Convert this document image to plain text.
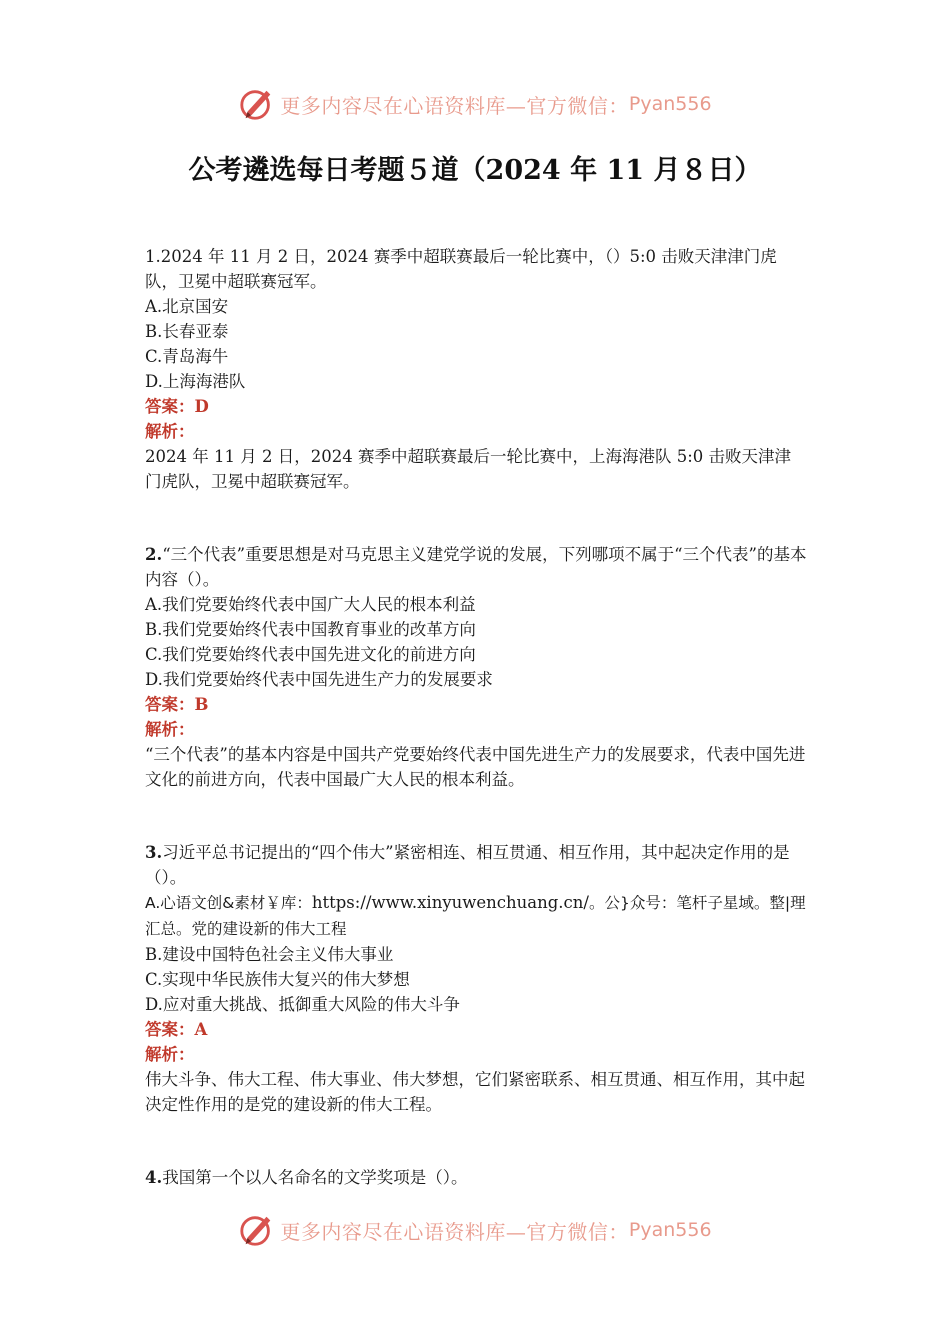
更多内容尽在心语资料库—官方微信： Pyan556
公考遴选每日考题５道（2024 年 11 月８日）

1.2024 年 11 月 2 日，2024 赛季中超联赛最后一轮比赛中，（）5:0 击败天津津门虎队，卫冕中超联赛冠军。

A.北京国安

B.长春亚泰

C.青岛海牛

D.上海海港队

答案：D

解析：

2024 年 11 月 2 日，2024 赛季中超联赛最后一轮比赛中，上海海港队 5:0 击败天津津门虎队，卫冕中超联赛冠军。

2.“三个代表”重要思想是对马克思主义建党学说的发展，下列哪项不属于“三个代表”的基本内容（）。

A.我们党要始终代表中国广大人民的根本利益

B.我们党要始终代表中国教育事业的改革方向

C.我们党要始终代表中国先进文化的前进方向

D.我们党要始终代表中国先进生产力的发展要求

答案：B

解析：

“三个代表”的基本内容是中国共产党要始终代表中国先进生产力的发展要求，代表中国先进文化的前进方向，代表中国最广大人民的根本利益。

3.习近平总书记提出的“四个伟大”紧密相连、相互贯通、相互作用，其中起决定作用的是（）。

A.心语文创&素材￥库：https://www.xinyuwenchuang.cn/。公}众号：笔杆子星域。整|理汇总。党的建设新的伟大工程

B.建设中国特色社会主义伟大事业

C.实现中华民族伟大复兴的伟大梦想

D.应对重大挑战、抵御重大风险的伟大斗争

答案：A

解析：

伟大斗争、伟大工程、伟大事业、伟大梦想，它们紧密联系、相互贯通、相互作用，其中起决定性作用的是党的建设新的伟大工程。

4.我国第一个以人名命名的文学奖项是（）。

更多内容尽在心语资料库—官方微信： Pyan556
